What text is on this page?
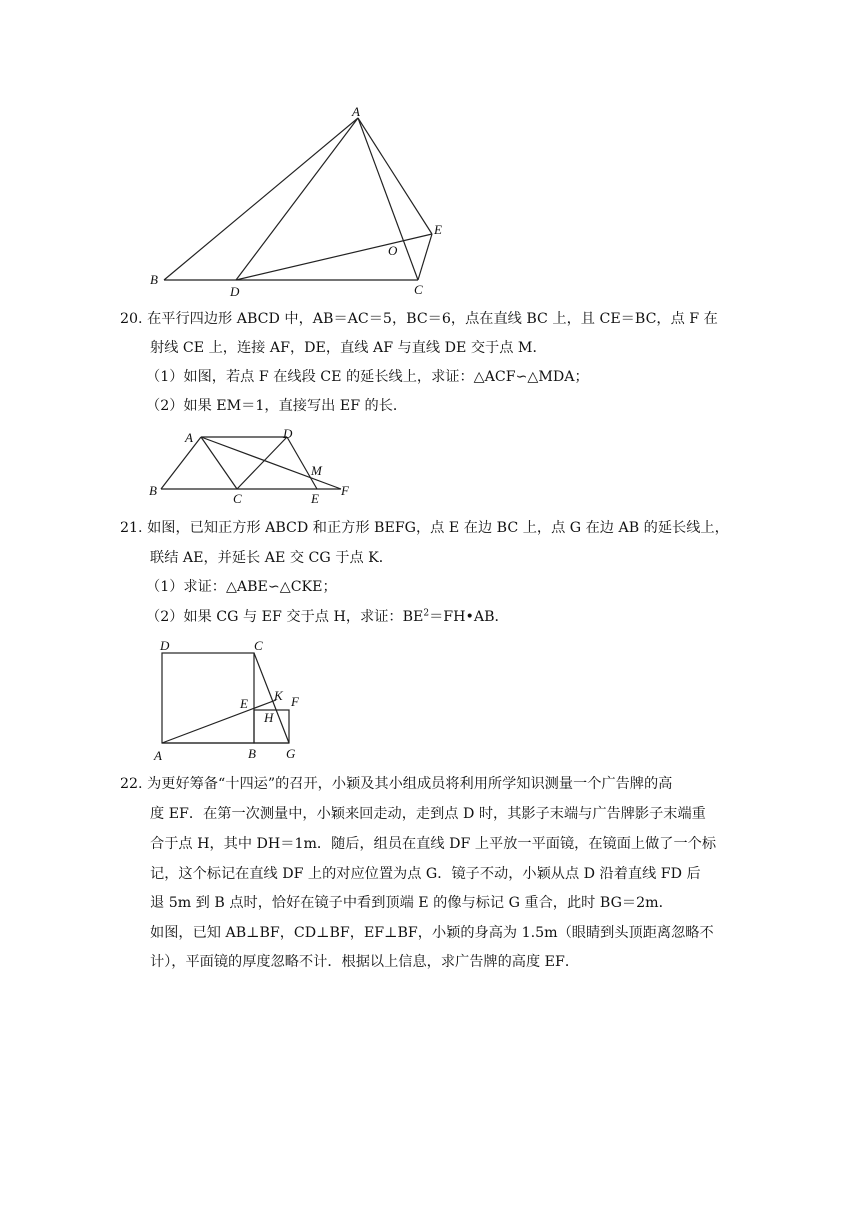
A
B
D
O
C
E
20. 在平行四边形 ABCD 中，AB＝AC＝5，BC＝6，点在直线 BC 上，且 CE＝BC，点 F 在
射线 CE 上，连接 AF，DE，直线 AF 与直线 DE 交于点 M．
（1）如图，若点 F 在线段 CE 的延长线上，求证：△ACF∽△MDA；
（2）如果 EM＝1，直接写出 EF 的长．
A	D
M
B
C	E
F
21. 如图，已知正方形 ABCD 和正方形 BEFG，点 E 在边 BC 上，点 G 在边 AB 的延长线上，
联结 AE，并延长 AE 交 CG 于点 K．
（1）求证：△ABE∽△CKE；
（2）如果 CG 与 EF 交于点 H，求证：$BE^2=FH•AB$．
D	C
K F
E
H
A	B G
22. 为更好筹备“十四运”的召开，小颖及其小组成员将利用所学知识测量一个广告牌的高
度 EF．在第一次测量中，小颖来回走动，走到点 D 时，其影子末端与广告牌影子末端重
合于点 H，其中 DH＝1m．随后，组员在直线 DF 上平放一平面镜，在镜面上做了一个标
记，这个标记在直线 DF 上的对应位置为点 G．镜子不动，小颖从点 D 沿着直线 FD 后
退 5m 到 B 点时，恰好在镜子中看到顶端 E 的像与标记 G 重合，此时 BG＝2m．
如图，已知 AB⊥BF，CD⊥BF，EF⊥BF，小颖的身高为 1.5m（眼睛到头顶距离忽略不
计），平面镜的厚度忽略不计．根据以上信息，求广告牌的高度 EF．
